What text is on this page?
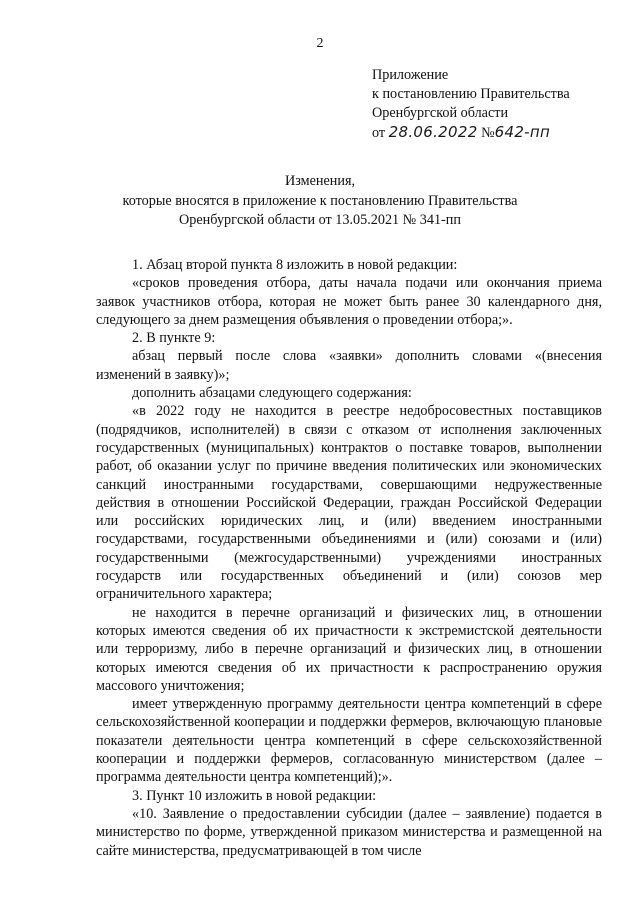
2
Приложение
к постановлению Правительства
Оренбургской области
от 28.06.2022 №642-пп
Изменения,
которые вносятся в приложение к постановлению Правительства
Оренбургской области от 13.05.2021 № 341-пп

1. Абзац второй пункта 8 изложить в новой редакции:

«сроков проведения отбора, даты начала подачи или окончания приема заявок участников отбора, которая не может быть ранее 30 календарного дня, следующего за днем размещения объявления о проведении отбора;».

2. В пункте 9:

абзац первый после слова «заявки» дополнить словами «(внесения изменений в заявку)»;

дополнить абзацами следующего содержания:

«в 2022 году не находится в реестре недобросовестных поставщиков (подрядчиков, исполнителей) в связи с отказом от исполнения заключенных государственных (муниципальных) контрактов о поставке товаров, выполнении работ, об оказании услуг по причине введения политических или экономических санкций иностранными государствами, совершающими недружественные действия в отношении Российской Федерации, граждан Российской Федерации или российских юридических лиц, и (или) введением иностранными государствами, государственными объединениями и (или) союзами и (или) государственными (межгосударственными) учреждениями иностранных государств или государственных объединений и (или) союзов мер ограничительного характера;

не находится в перечне организаций и физических лиц, в отношении которых имеются сведения об их причастности к экстремистской деятельности или терроризму, либо в перечне организаций и физических лиц, в отношении которых имеются сведения об их причастности к распространению оружия массового уничтожения;

имеет утвержденную программу деятельности центра компетенций в сфере сельскохозяйственной кооперации и поддержки фермеров, включающую плановые показатели деятельности центра компетенций в сфере сельскохозяйственной кооперации и поддержки фермеров, согласованную министерством (далее – программа деятельности центра компетенций);».

3. Пункт 10 изложить в новой редакции:

«10. Заявление о предоставлении субсидии (далее – заявление) подается в министерство по форме, утвержденной приказом министерства и размещенной на сайте министерства, предусматривающей в том числе
